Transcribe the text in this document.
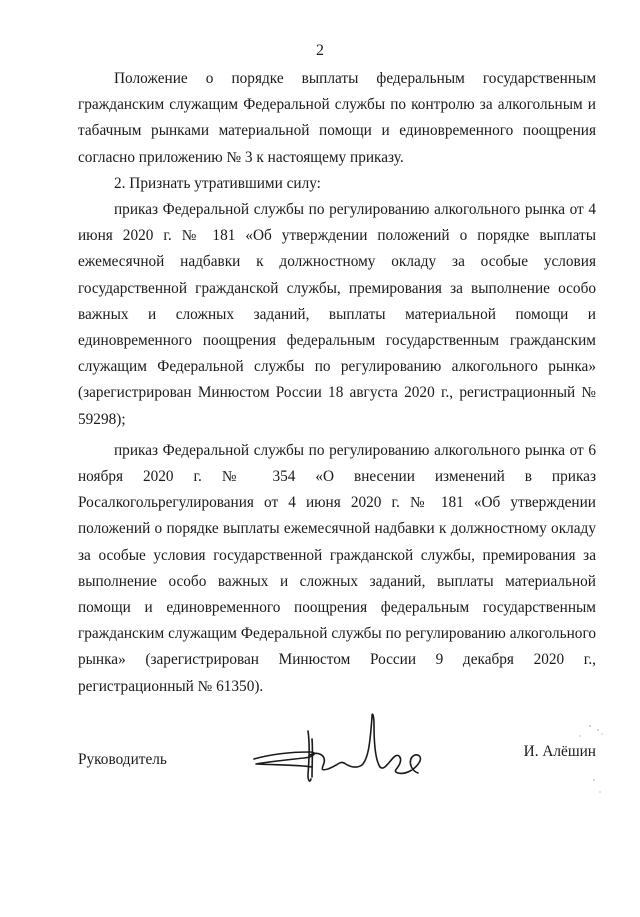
2

Положение о порядке выплаты федеральным государственным гражданским служащим Федеральной службы по контролю за алкогольным и табачным рынками материальной помощи и единовременного поощрения согласно приложению № 3 к настоящему приказу.

2. Признать утратившими силу:

приказ Федеральной службы по регулированию алкогольного рынка от 4 июня 2020 г. № 181 «Об утверждении положений о порядке выплаты ежемесячной надбавки к должностному окладу за особые условия государственной гражданской службы, премирования за выполнение особо важных и сложных заданий, выплаты материальной помощи и единовременного поощрения федеральным государственным гражданским служащим Федеральной службы по регулированию алкогольного рынка» (зарегистрирован Минюстом России 18 августа 2020 г., регистрационный № 59298);

приказ Федеральной службы по регулированию алкогольного рынка от 6 ноября 2020 г. № 354 «О внесении изменений в приказ Росалкогольрегулирования от 4 июня 2020 г. № 181 «Об утверждении положений о порядке выплаты ежемесячной надбавки к должностному окладу за особые условия государственной гражданской службы, премирования за выполнение особо важных и сложных заданий, выплаты материальной помощи и единовременного поощрения федеральным государственным гражданским служащим Федеральной службы по регулированию алкогольного рынка» (зарегистрирован Минюстом России 9 декабря 2020 г., регистрационный № 61350).

Руководитель	И. Алёшин
